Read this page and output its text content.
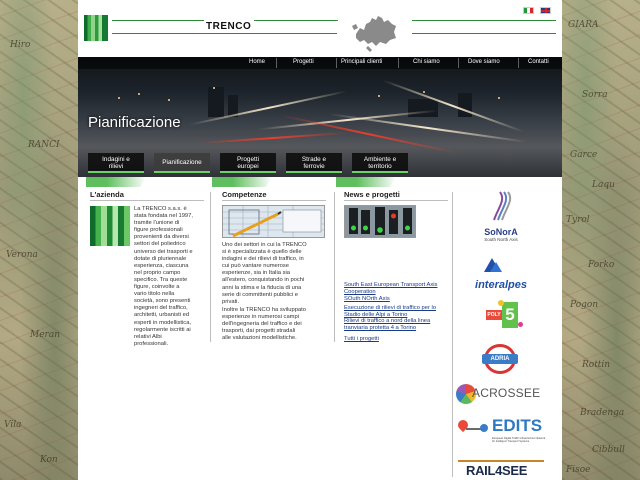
Hiro
RANCI
Verona
Meran
Vila
Kon
GIARA
Sorra
Garce
Laqu
Tyrol
Forko
Pogon
Rottin
Bradenga
Cibbull
Fisoe
TRENCO
Home	Progetti	Principali clienti	Chi siamo	Dove siamo	Contatti
Pianificazione
Indagini e
rilievi
Pianificazione	Progetti
europei
Strade e
ferrovie
Ambiente e
territorio
L'azienda
La TRENCO s.a.s. è
stata fondata nel 1997,
tramite l'unione di
figure professionali
provenienti da diversi
settori del poliedrico
universo dei trasporti e
dotate di pluriennale
esperienza, ciascuna
nel proprio campo
specifico. Tra queste
figure, coinvolte a
vario titolo nella
società, sono presenti
ingegneri del traffico,
architetti, urbanisti ed
esperti in modellistica,
regolarmente iscritti ai
relativi Albi
professionali.
Competenze
Uno dei settori in cui la TRENCO
si è specializzata è quello delle
indagini e dei rilievi di traffico, in
cui può vantare numerose
esperienze, sia in Italia sia
all'estero, conquistando in pochi
anni la stima e la fiducia di una
serie di committenti pubblici e
privati.
Inoltre la TRENCO ha sviluppato
esperienze in numerosi campi
dell'ingegneria del traffico e dei
trasporti, dai progetti stradali
alle valutazioni modellistiche.
News e progetti
South East European Transport Axis
Cooperation
SOuth NOrth Axis
Esecuzione di rilievi di traffico per lo
Stadio delle Alpi a Torino
Rilievi di traffico a nord della linea
tranviaria protetta 4 a Torino
Tutti i progetti
SoNorA
South North Axis
interalpes
POLY 5
ADRIA
ACROSSEE
EDITS
European Digital Traffic Infrastructure Network for Intelligent Transport Systems
RAIL4SEE
